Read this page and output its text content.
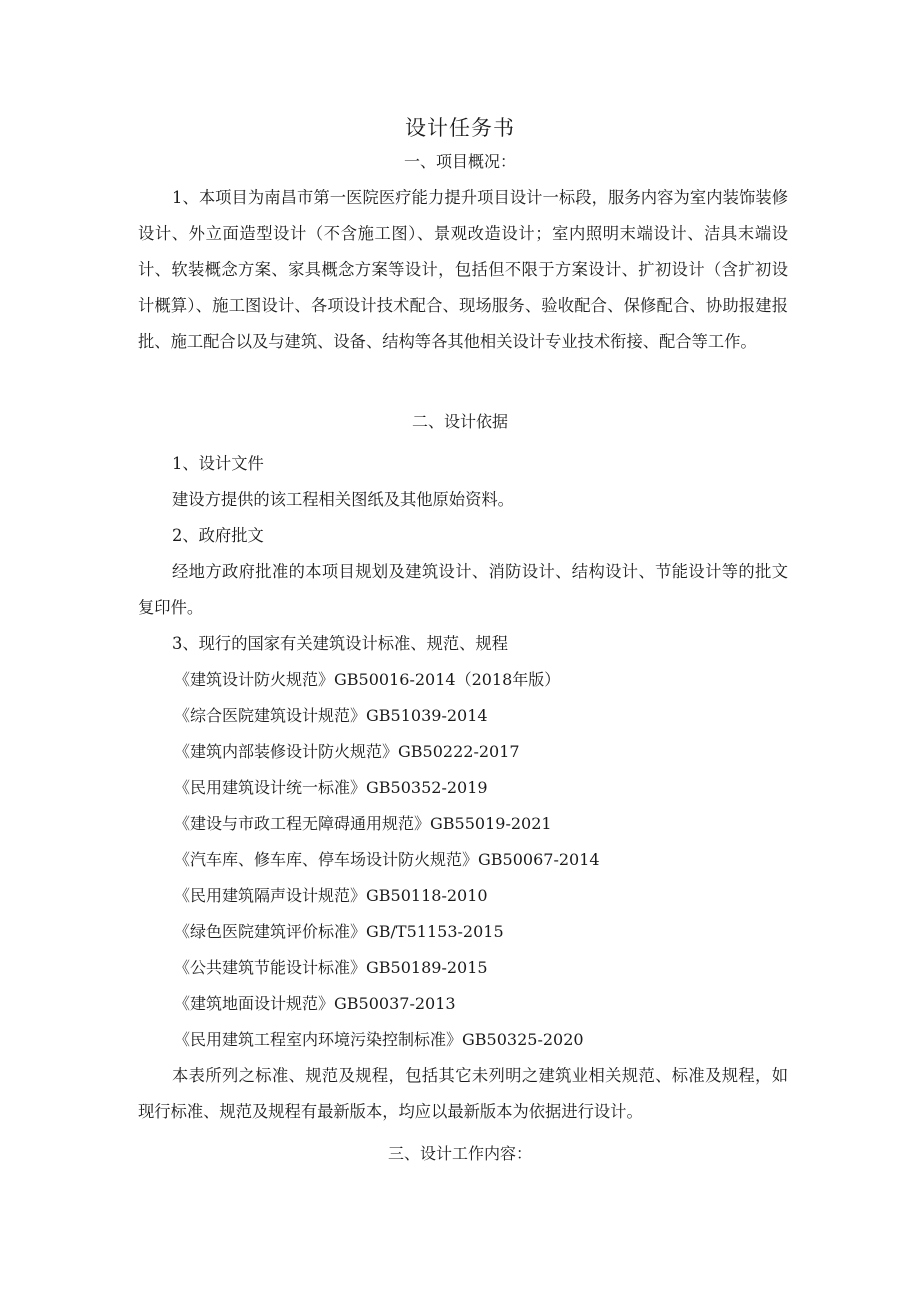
设计任务书
一、项目概况：
1、本项目为南昌市第一医院医疗能力提升项目设计一标段，服务内容为室内装饰装修设计、外立面造型设计（不含施工图）、景观改造设计；室内照明末端设计、洁具末端设计、软装概念方案、家具概念方案等设计，包括但不限于方案设计、扩初设计（含扩初设计概算）、施工图设计、各项设计技术配合、现场服务、验收配合、保修配合、协助报建报批、施工配合以及与建筑、设备、结构等各其他相关设计专业技术衔接、配合等工作。
二、设计依据
1、设计文件
建设方提供的该工程相关图纸及其他原始资料。
2、政府批文
经地方政府批准的本项目规划及建筑设计、消防设计、结构设计、节能设计等的批文复印件。
3、现行的国家有关建筑设计标准、规范、规程
《建筑设计防火规范》GB50016-2014（2018年版）
《综合医院建筑设计规范》GB51039-2014
《建筑内部装修设计防火规范》GB50222-2017
《民用建筑设计统一标准》GB50352-2019
《建设与市政工程无障碍通用规范》GB55019-2021
《汽车库、修车库、停车场设计防火规范》GB50067-2014
《民用建筑隔声设计规范》GB50118-2010
《绿色医院建筑评价标准》GB/T51153-2015
《公共建筑节能设计标准》GB50189-2015
《建筑地面设计规范》GB50037-2013
《民用建筑工程室内环境污染控制标准》GB50325-2020
本表所列之标准、规范及规程，包括其它未列明之建筑业相关规范、标准及规程，如现行标准、规范及规程有最新版本，均应以最新版本为依据进行设计。
三、设计工作内容：
